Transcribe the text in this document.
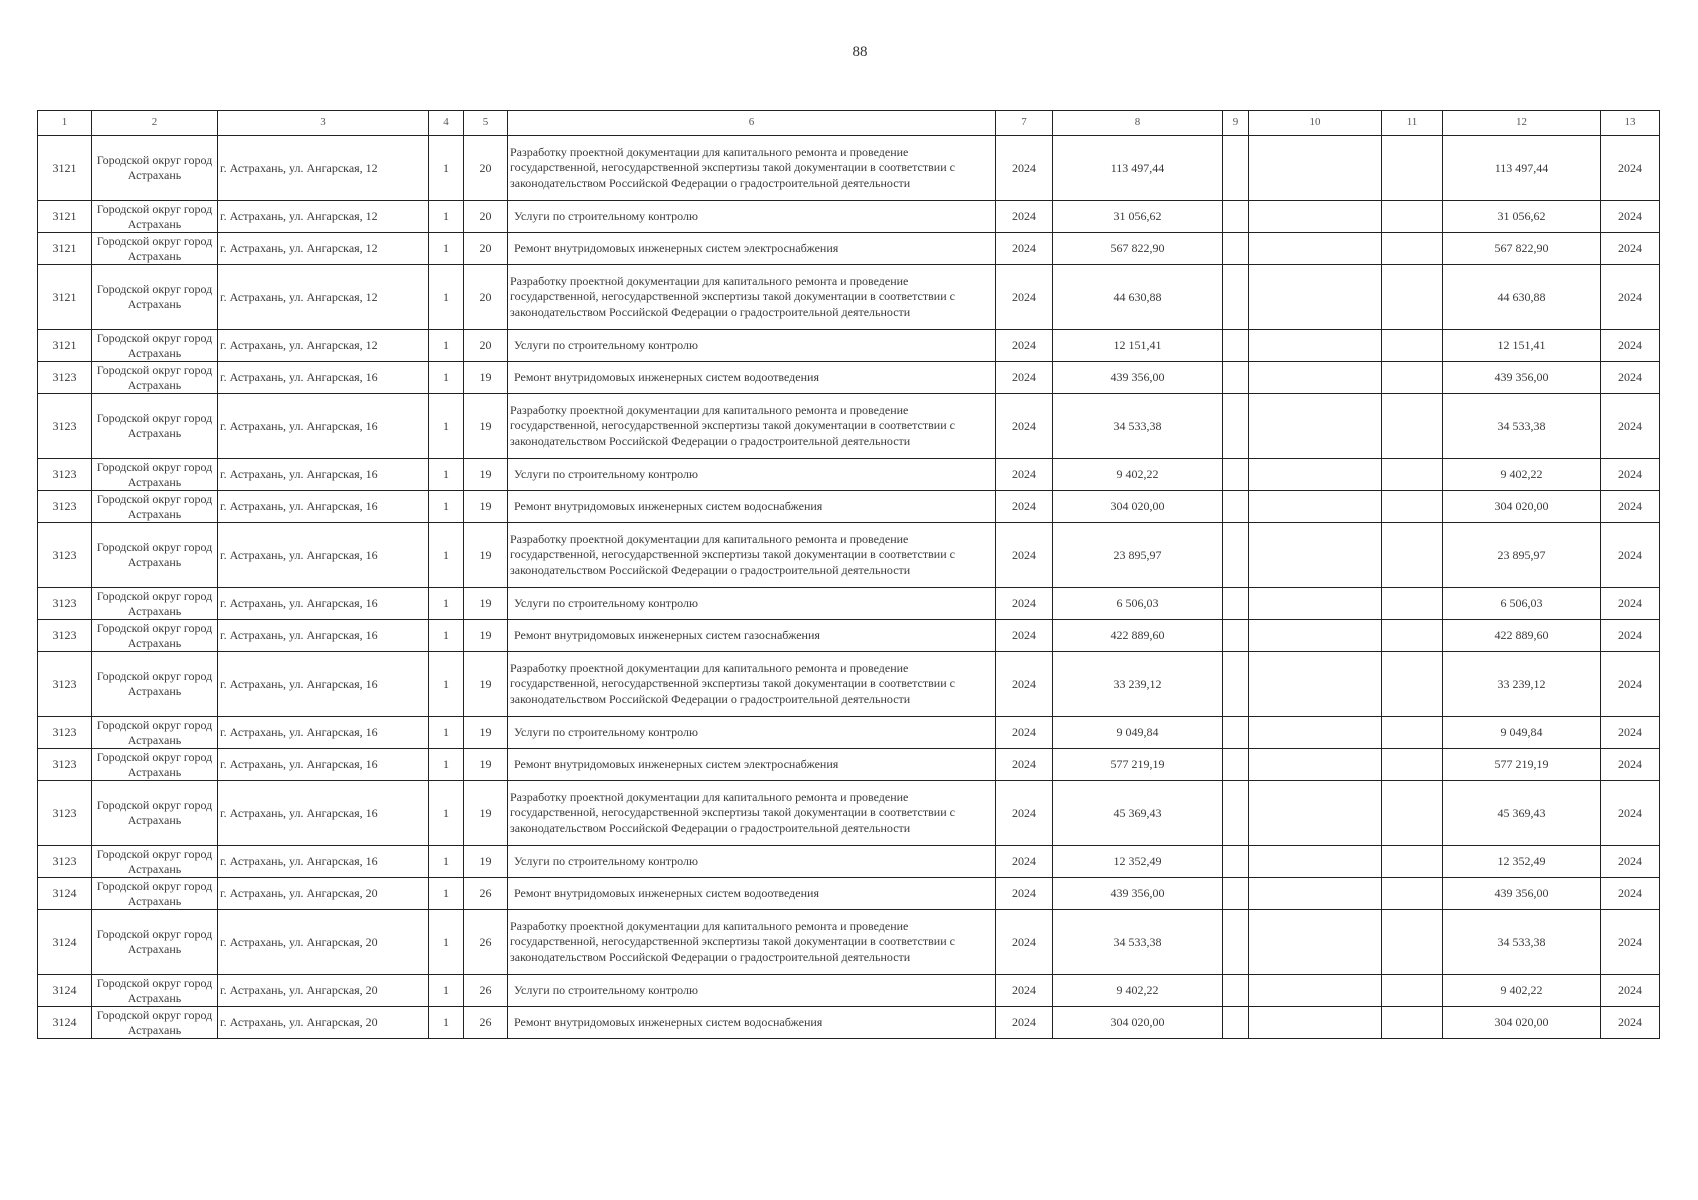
88
1	2	3	4	5	6	7	8	9	10	11	12	13
3121	Городской округ город Астрахань	г. Астрахань, ул. Ангарская, 12	1	20	Разработку проектной документации для капитального ремонта и проведение государственной, негосударственной экспертизы такой документации в соответствии с законодательством Российской Федерации о градостроительной деятельности	2024	113 497,44				113 497,44	2024
3121	Городской округ город Астрахань	г. Астрахань, ул. Ангарская, 12	1	20	Услуги по строительному контролю	2024	31 056,62				31 056,62	2024
3121	Городской округ город Астрахань	г. Астрахань, ул. Ангарская, 12	1	20	Ремонт внутридомовых инженерных систем электроснабжения	2024	567 822,90				567 822,90	2024
3121	Городской округ город Астрахань	г. Астрахань, ул. Ангарская, 12	1	20	Разработку проектной документации для капитального ремонта и проведение государственной, негосударственной экспертизы такой документации в соответствии с законодательством Российской Федерации о градостроительной деятельности	2024	44 630,88				44 630,88	2024
3121	Городской округ город Астрахань	г. Астрахань, ул. Ангарская, 12	1	20	Услуги по строительному контролю	2024	12 151,41				12 151,41	2024
3123	Городской округ город Астрахань	г. Астрахань, ул. Ангарская, 16	1	19	Ремонт внутридомовых инженерных систем водоотведения	2024	439 356,00				439 356,00	2024
3123	Городской округ город Астрахань	г. Астрахань, ул. Ангарская, 16	1	19	Разработку проектной документации для капитального ремонта и проведение государственной, негосударственной экспертизы такой документации в соответствии с законодательством Российской Федерации о градостроительной деятельности	2024	34 533,38				34 533,38	2024
3123	Городской округ город Астрахань	г. Астрахань, ул. Ангарская, 16	1	19	Услуги по строительному контролю	2024	9 402,22				9 402,22	2024
3123	Городской округ город Астрахань	г. Астрахань, ул. Ангарская, 16	1	19	Ремонт внутридомовых инженерных систем водоснабжения	2024	304 020,00				304 020,00	2024
3123	Городской округ город Астрахань	г. Астрахань, ул. Ангарская, 16	1	19	Разработку проектной документации для капитального ремонта и проведение государственной, негосударственной экспертизы такой документации в соответствии с законодательством Российской Федерации о градостроительной деятельности	2024	23 895,97				23 895,97	2024
3123	Городской округ город Астрахань	г. Астрахань, ул. Ангарская, 16	1	19	Услуги по строительному контролю	2024	6 506,03				6 506,03	2024
3123	Городской округ город Астрахань	г. Астрахань, ул. Ангарская, 16	1	19	Ремонт внутридомовых инженерных систем газоснабжения	2024	422 889,60				422 889,60	2024
3123	Городской округ город Астрахань	г. Астрахань, ул. Ангарская, 16	1	19	Разработку проектной документации для капитального ремонта и проведение государственной, негосударственной экспертизы такой документации в соответствии с законодательством Российской Федерации о градостроительной деятельности	2024	33 239,12				33 239,12	2024
3123	Городской округ город Астрахань	г. Астрахань, ул. Ангарская, 16	1	19	Услуги по строительному контролю	2024	9 049,84				9 049,84	2024
3123	Городской округ город Астрахань	г. Астрахань, ул. Ангарская, 16	1	19	Ремонт внутридомовых инженерных систем электроснабжения	2024	577 219,19				577 219,19	2024
3123	Городской округ город Астрахань	г. Астрахань, ул. Ангарская, 16	1	19	Разработку проектной документации для капитального ремонта и проведение государственной, негосударственной экспертизы такой документации в соответствии с законодательством Российской Федерации о градостроительной деятельности	2024	45 369,43				45 369,43	2024
3123	Городской округ город Астрахань	г. Астрахань, ул. Ангарская, 16	1	19	Услуги по строительному контролю	2024	12 352,49				12 352,49	2024
3124	Городской округ город Астрахань	г. Астрахань, ул. Ангарская, 20	1	26	Ремонт внутридомовых инженерных систем водоотведения	2024	439 356,00				439 356,00	2024
3124	Городской округ город Астрахань	г. Астрахань, ул. Ангарская, 20	1	26	Разработку проектной документации для капитального ремонта и проведение государственной, негосударственной экспертизы такой документации в соответствии с законодательством Российской Федерации о градостроительной деятельности	2024	34 533,38				34 533,38	2024
3124	Городской округ город Астрахань	г. Астрахань, ул. Ангарская, 20	1	26	Услуги по строительному контролю	2024	9 402,22				9 402,22	2024
3124	Городской округ город Астрахань	г. Астрахань, ул. Ангарская, 20	1	26	Ремонт внутридомовых инженерных систем водоснабжения	2024	304 020,00				304 020,00	2024
